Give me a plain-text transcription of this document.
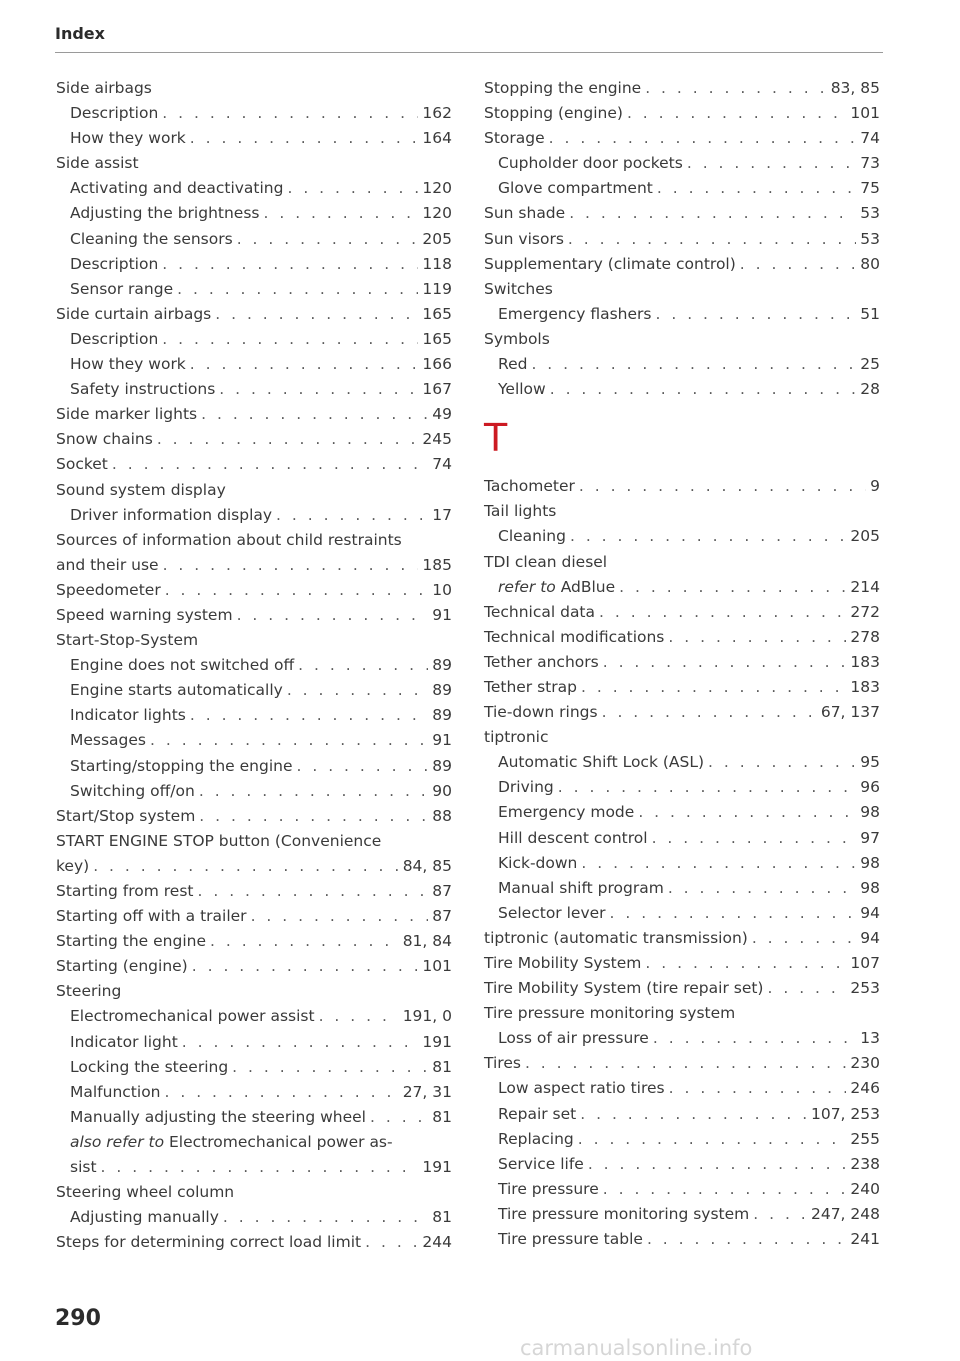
Index
Side airbags
Description . . .	162
How they work . . .	164
Side assist
Activating and deactivating . . .	120
Adjusting the brightness . . .	120
Cleaning the sensors . . .	205
Description . . .	118
Sensor range . . .	119
Side curtain airbags . . .	165
Description . . .	165
How they work . . .	166
Safety instructions . . .	167
Side marker lights . . .	49
Snow chains . . .	245
Socket . . .	74
Sound system display
Driver information display . . .	17
Sources of information about child restraints
and their use . . .	185
Speedometer . . .	10
Speed warning system . . .	91
Start-Stop-System
Engine does not switched off . . .	89
Engine starts automatically . . .	89
Indicator lights . . .	89
Messages . . .	91
Starting/stopping the engine . . .	89
Switching off/on . . .	90
Start/Stop system . . .	88
START ENGINE STOP button (Convenience
key) . . .	84, 85
Starting from rest . . .	87
Starting off with a trailer . . .	87
Starting the engine . . .	81, 84
Starting (engine) . . .	101
Steering
Electromechanical power assist . . .	191, 0
Indicator light . . .	191
Locking the steering . . .	81
Malfunction . . .	27, 31
Manually adjusting the steering wheel . . .	81
also refer to Electromechanical power as-
sist . . .	191
Steering wheel column
Adjusting manually . . .	81
Steps for determining correct load limit . . .	244
Stopping the engine . . .	83, 85
Stopping (engine) . . .	101
Storage . . .	74
Cupholder door pockets . . .	73
Glove compartment . . .	75
Sun shade . . .	53
Sun visors . . .	53
Supplementary (climate control) . . .	80
Switches
Emergency flashers . . .	51
Symbols
Red . . .	25
Yellow . . .	28
T
Tachometer . . .	9
Tail lights
Cleaning . . .	205
TDI clean diesel
refer to AdBlue . . .	214
Technical data . . .	272
Technical modifications . . .	278
Tether anchors . . .	183
Tether strap . . .	183
Tie-down rings . . .	67, 137
tiptronic
Automatic Shift Lock (ASL) . . .	95
Driving . . .	96
Emergency mode . . .	98
Hill descent control . . .	97
Kick-down . . .	98
Manual shift program . . .	98
Selector lever . . .	94
tiptronic (automatic transmission) . . .	94
Tire Mobility System . . .	107
Tire Mobility System (tire repair set) . . .	253
Tire pressure monitoring system
Loss of air pressure . . .	13
Tires . . .	230
Low aspect ratio tires . . .	246
Repair set . . .	107, 253
Replacing . . .	255
Service life . . .	238
Tire pressure . . .	240
Tire pressure monitoring system . . .	247, 248
Tire pressure table . . .	241
290
carmanualsonline.info
